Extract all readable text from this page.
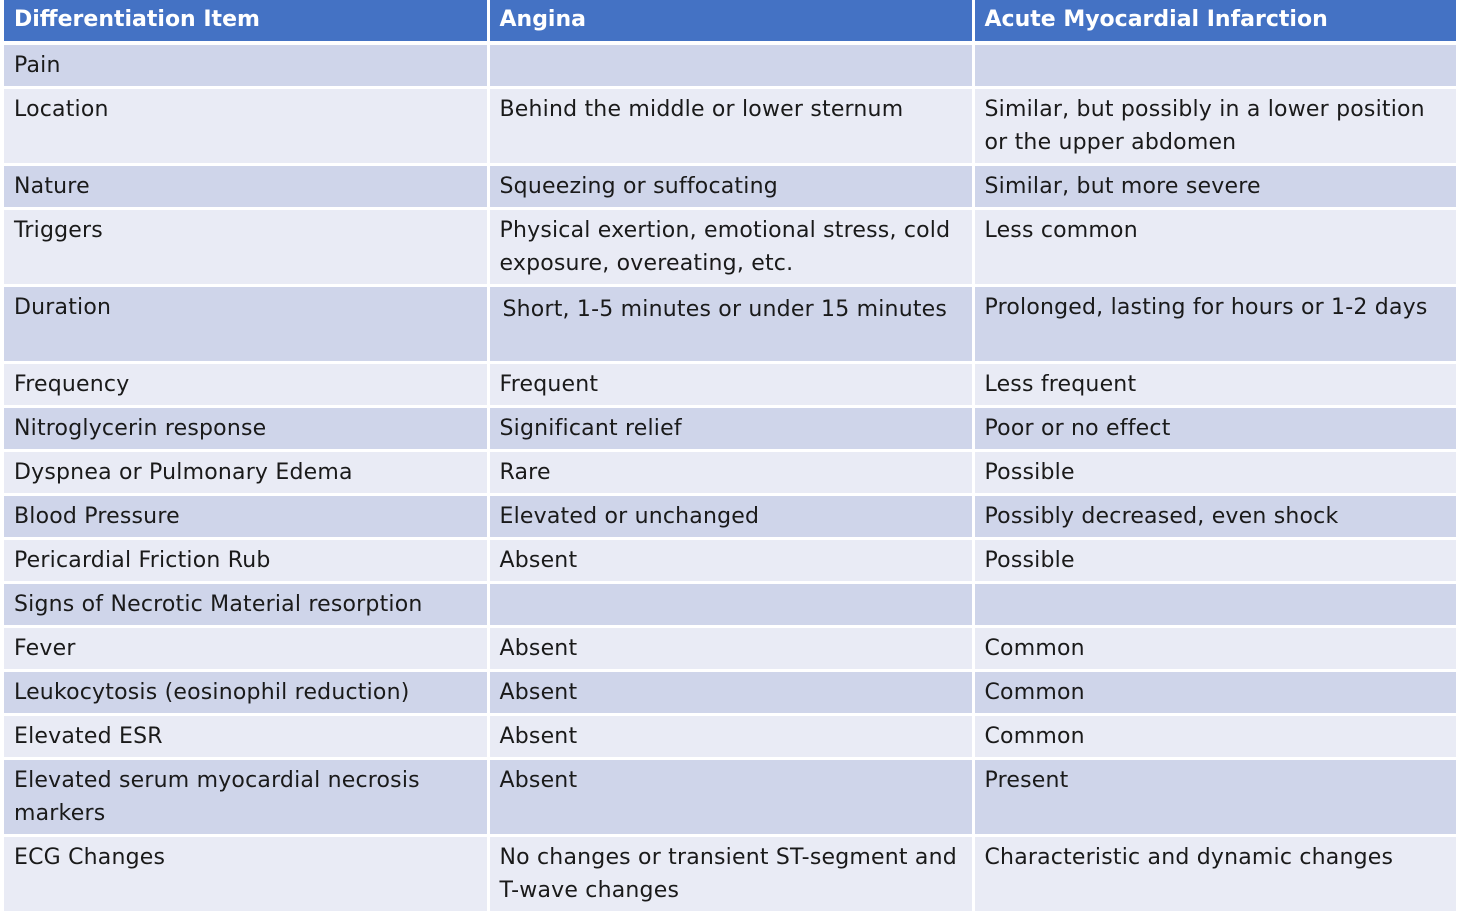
Differentiation Item	Angina	Acute Myocardial Infarction
Pain		
Location	Behind the middle or lower sternum	Similar, but possibly in a lower position or the upper abdomen
Nature	Squeezing or suffocating	Similar, but more severe
Triggers	Physical exertion, emotional stress, cold exposure, overeating, etc.	Less common
Duration	Short, 1-5 minutes or under 15 minutes	Prolonged, lasting for hours or 1-2 days
Frequency	Frequent	Less frequent
Nitroglycerin response	Significant relief	Poor or no effect
Dyspnea or Pulmonary Edema	Rare	Possible
Blood Pressure	Elevated or unchanged	Possibly decreased, even shock
Pericardial Friction Rub	Absent	Possible
Signs of Necrotic Material resorption		
Fever	Absent	Common
Leukocytosis (eosinophil reduction)	Absent	Common
Elevated ESR	Absent	Common
Elevated serum myocardial necrosis markers	Absent	Present
ECG Changes	No changes or transient ST-segment and T-wave changes	Characteristic and dynamic changes
